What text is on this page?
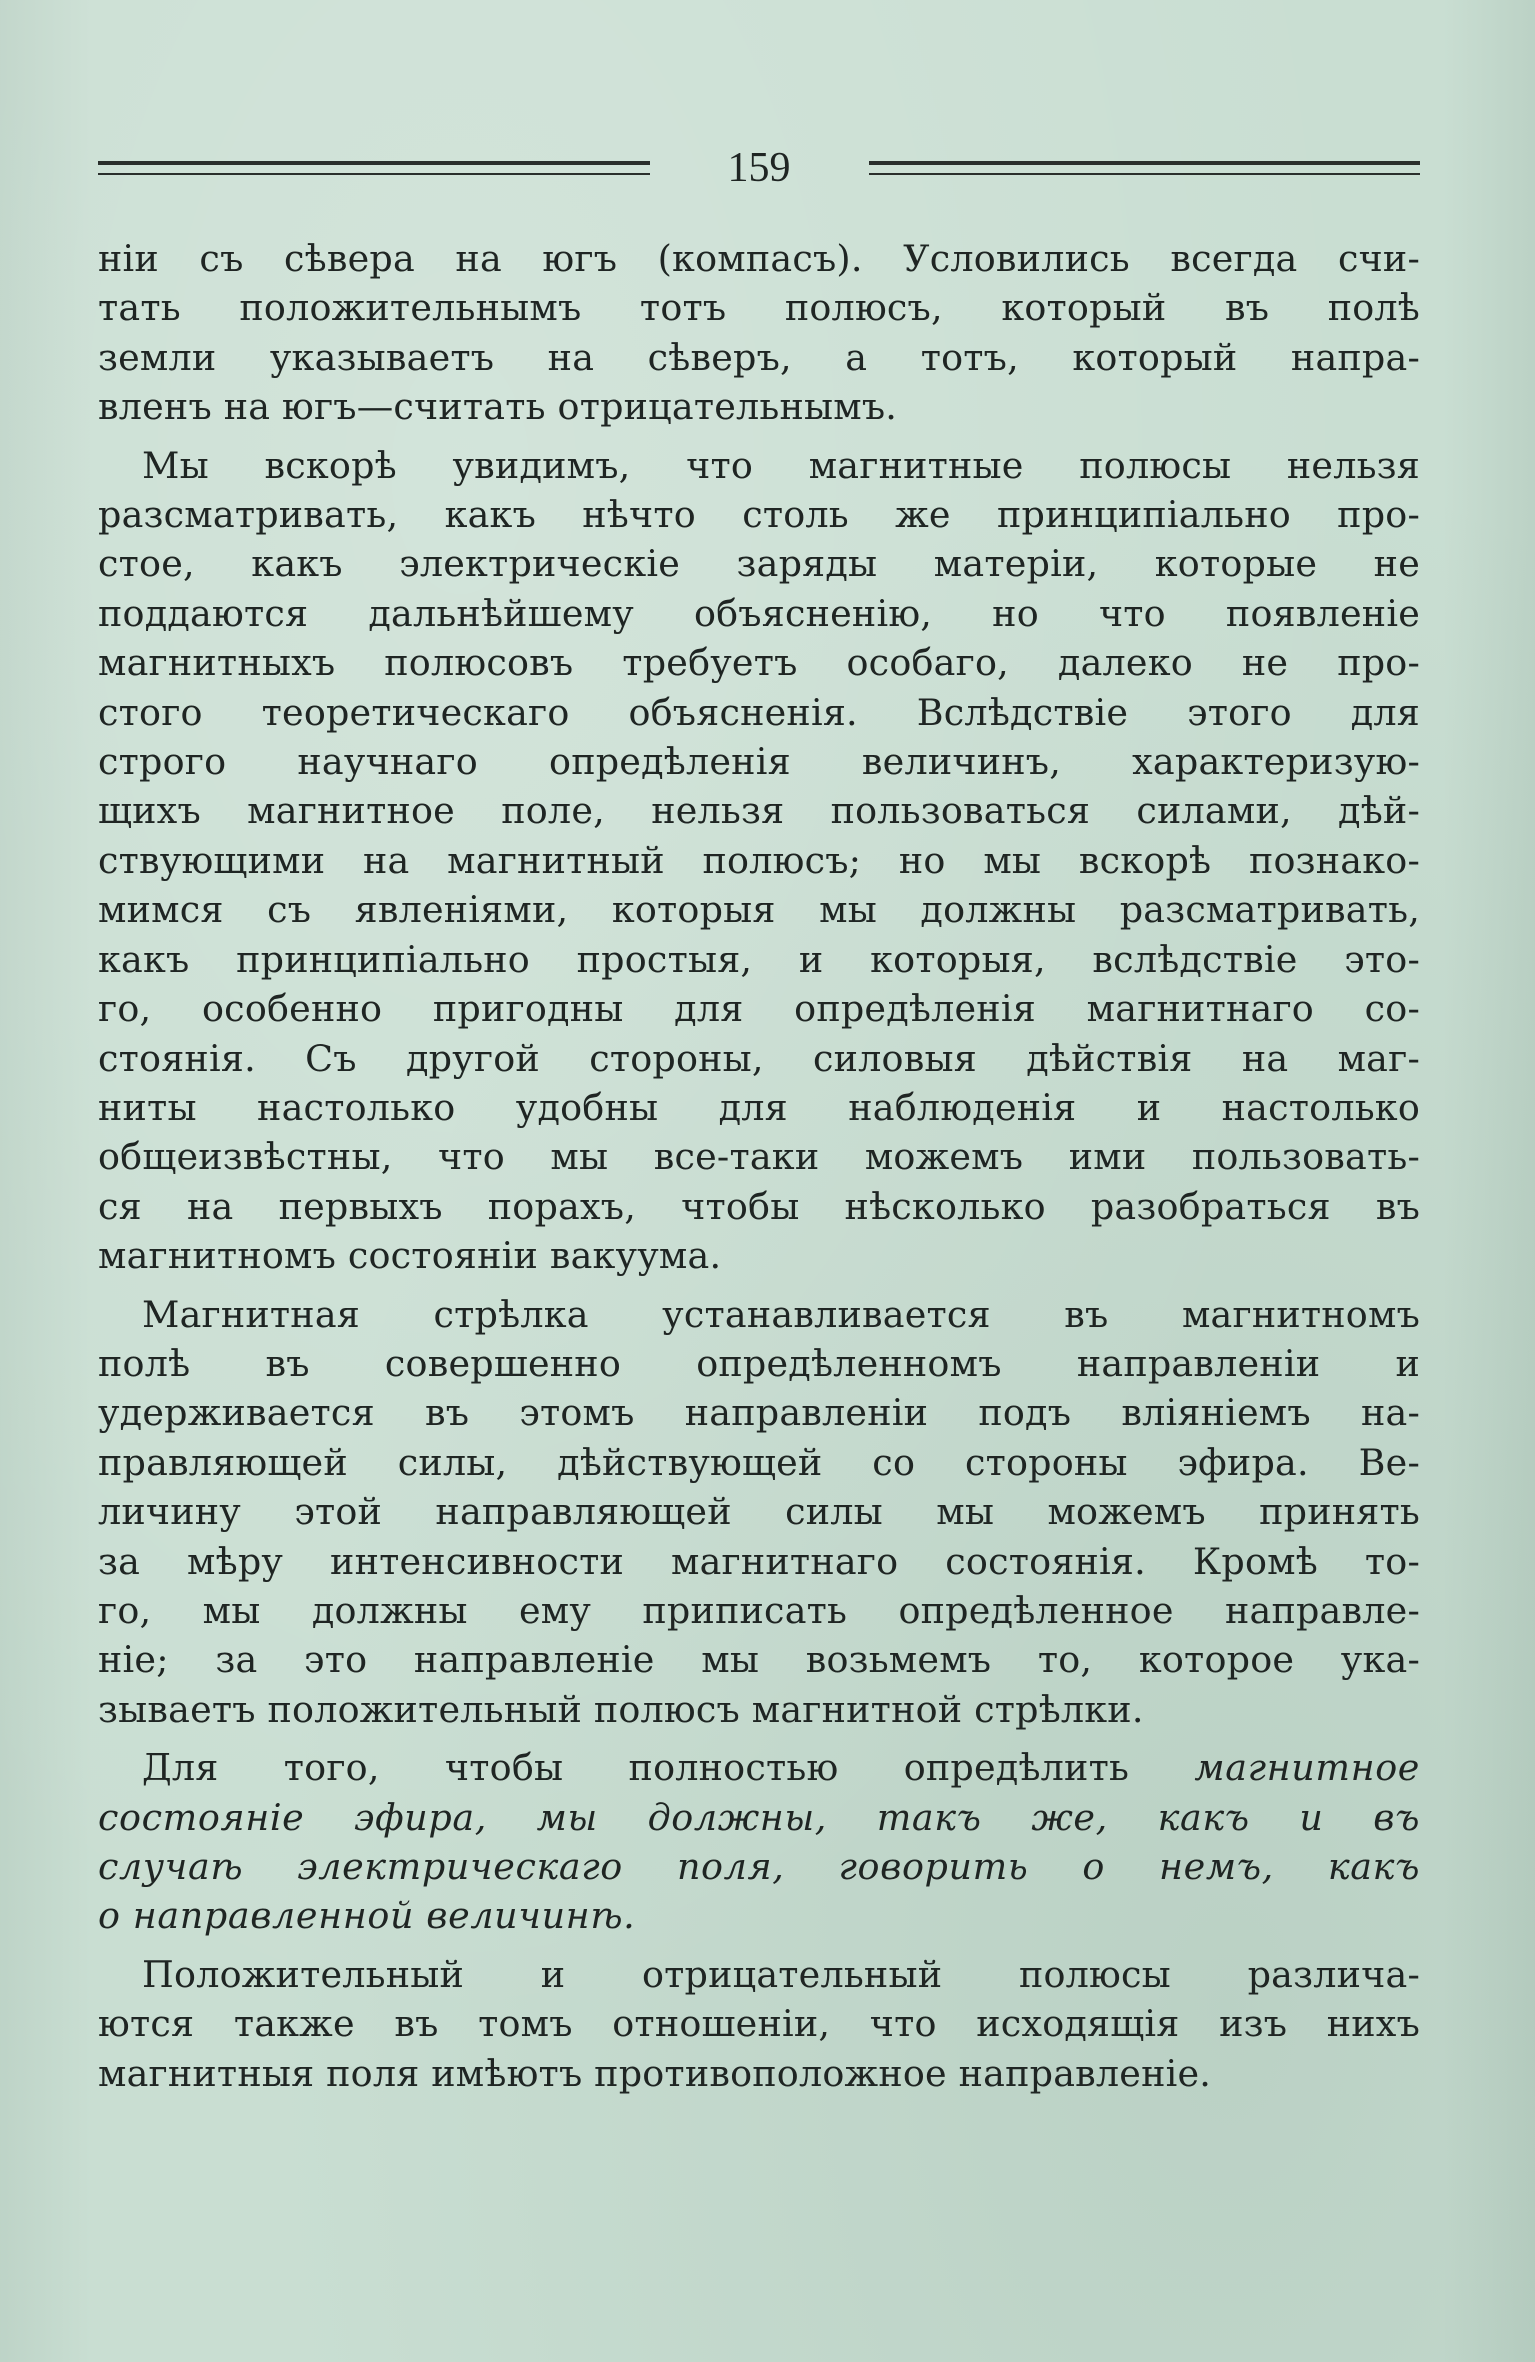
159
нiи съ сѣвера на югъ (компасъ). Условились всегда счи-
тать положительнымъ тотъ полюсъ, который въ полѣ
земли указываетъ на сѣверъ, а тотъ, который напра-
вленъ на югъ—считать отрицательнымъ.
Мы вскорѣ увидимъ, что магнитные полюсы нельзя
разсматривать, какъ нѣчто столь же принципiально про-
стое, какъ электрическiе заряды матерiи, которые не
поддаются дальнѣйшему объясненiю, но что появленiе
магнитныхъ полюсовъ требуетъ особаго, далеко не про-
стого теоретическаго объясненiя. Вслѣдствiе этого для
строго научнаго опредѣленiя величинъ, характеризую-
щихъ магнитное поле, нельзя пользоваться силами, дѣй-
ствующими на магнитный полюсъ; но мы вскорѣ познако-
мимся съ явленiями, которыя мы должны разсматривать,
какъ принципiально простыя, и которыя, вслѣдствiе это-
го, особенно пригодны для опредѣленiя магнитнаго со-
стоянiя. Съ другой стороны, силовыя дѣйствiя на маг-
ниты настолько удобны для наблюденiя и настолько
общеизвѣстны, что мы все-таки можемъ ими пользовать-
ся на первыхъ порахъ, чтобы нѣсколько разобраться въ
магнитномъ состоянiи вакуума.
Магнитная стрѣлка устанавливается въ магнитномъ
полѣ въ совершенно опредѣленномъ направленiи и
удерживается въ этомъ направленiи подъ влiянiемъ на-
правляющей силы, дѣйствующей со стороны эфира. Ве-
личину этой направляющей силы мы можемъ принять
за мѣру интенсивности магнитнаго состоянiя. Кромѣ то-
го, мы должны ему приписать опредѣленное направле-
нiе; за это направленiе мы возьмемъ то, которое ука-
зываетъ положительный полюсъ магнитной стрѣлки.
Для того, чтобы полностью опредѣлить магнитное
состоянiе эфира, мы должны, такъ же, какъ и въ
случаѣ электрическаго поля, говорить о немъ, какъ
о направленной величинѣ.
Положительный и отрицательный полюсы различа-
ются также въ томъ отношенiи, что исходящiя изъ нихъ
магнитныя поля имѣютъ противоположное направленiе.
